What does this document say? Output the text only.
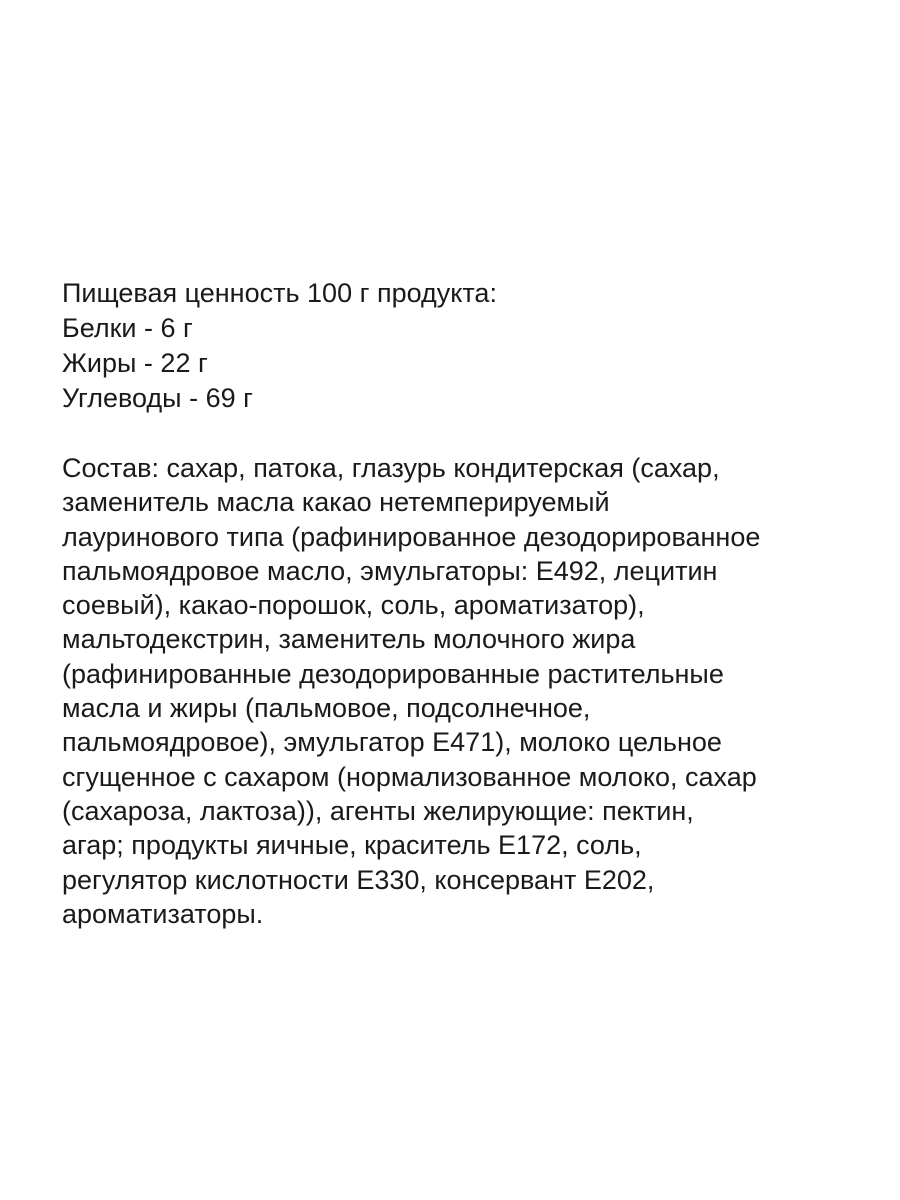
Пищевая ценность 100 г продукта:
Белки - 6 г
Жиры - 22 г
Углеводы - 69 г
Состав: сахар, патока, глазурь кондитерская (сахар,
заменитель масла какао нетемперируемый
лауринового типа (рафинированное дезодорированное
пальмоядровое масло, эмульгаторы: Е492, лецитин
соевый), какао-порошок, соль, ароматизатор),
мальтодекстрин, заменитель молочного жира
(рафинированные дезодорированные растительные
масла и жиры (пальмовое, подсолнечное,
пальмоядровое), эмульгатор Е471), молоко цельное
сгущенное с сахаром (нормализованное молоко, сахар
(сахароза, лактоза)), агенты желирующие: пектин,
агар; продукты яичные, краситель Е172, соль,
регулятор кислотности Е330, консервант Е202,
ароматизаторы.
